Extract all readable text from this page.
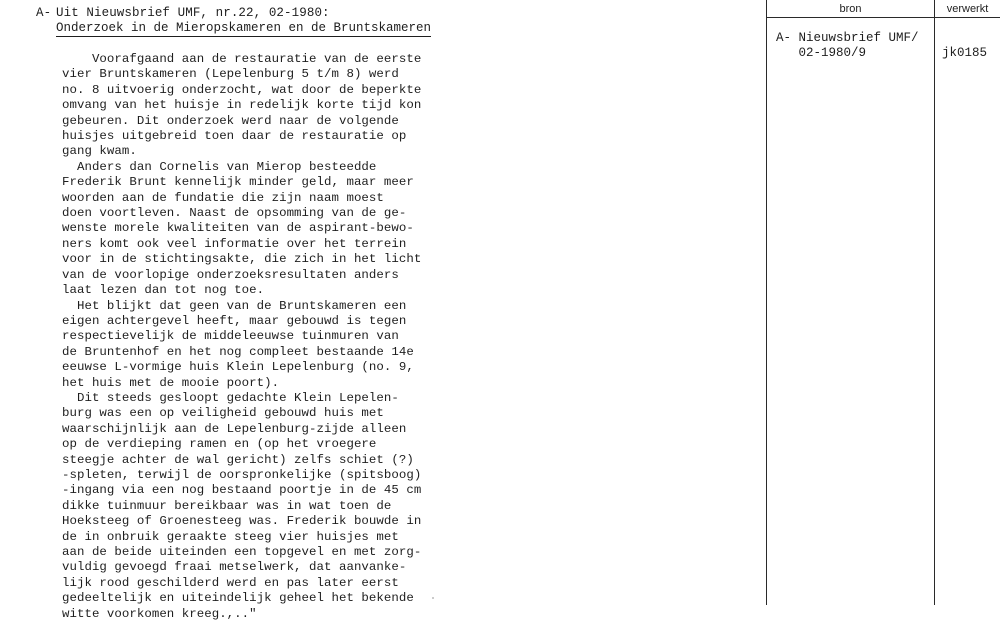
A- Uit Nieuwsbrief UMF, nr.22, 02-1980:
Onderzoek in de Mieropskameren en de Bruntskameren
Voorafgaand aan de restauratie van de eerste
vier Bruntskameren (Lepelenburg 5 t/m 8) werd
no. 8 uitvoerig onderzocht, wat door de beperkte
omvang van het huisje in redelijk korte tijd kon
gebeuren. Dit onderzoek werd naar de volgende
huisjes uitgebreid toen daar de restauratie op
gang kwam.
Anders dan Cornelis van Mierop besteedde
Frederik Brunt kennelijk minder geld, maar meer
woorden aan de fundatie die zijn naam moest
doen voortleven. Naast de opsomming van de ge-
wenste morele kwaliteiten van de aspirant-bewo-
ners komt ook veel informatie over het terrein
voor in de stichtingsakte, die zich in het licht
van de voorlopige onderzoeksresultaten anders
laat lezen dan tot nog toe.
Het blijkt dat geen van de Bruntskameren een
eigen achtergevel heeft, maar gebouwd is tegen
respectievelijk de middeleeuwse tuinmuren van
de Bruntenhof en het nog compleet bestaande 14e
eeuwse L-vormige huis Klein Lepelenburg (no. 9,
het huis met de mooie poort).
Dit steeds gesloopt gedachte Klein Lepelen-
burg was een op veiligheid gebouwd huis met
waarschijnlijk aan de Lepelenburg-zijde alleen
op de verdieping ramen en (op het vroegere
steegje achter de wal gericht) zelfs schiet (?)
-spleten, terwijl de oorspronkelijke (spitsboog)
-ingang via een nog bestaand poortje in de 45 cm
dikke tuinmuur bereikbaar was in wat toen de
Hoeksteeg of Groenesteeg was. Frederik bouwde in
de in onbruik geraakte steeg vier huisjes met
aan de beide uiteinden een topgevel en met zorg-
vuldig gevoegd fraai metselwerk, dat aanvanke-
lijk rood geschilderd werd en pas later eerst
gedeeltelijk en uiteindelijk geheel het bekende
witte voorkomen kreeg.,.."
bron	verwerkt
A- Nieuwsbrief UMF/
02-1980/9	jk0185
